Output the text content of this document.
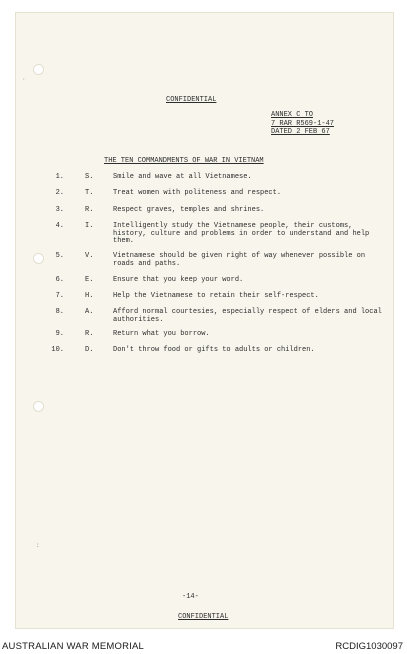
·
:
CONFIDENTIAL
ANNEX C TO
7 RAR R569-1-47
DATED 2 FEB 67
THE TEN COMMANDMENTS OF WAR IN VIETNAM
1.	S.	Smile and wave at all Vietnamese.
2.	T.	Treat women with politeness and respect.
3.	R.	Respect graves, temples and shrines.
4.	I.	Intelligently study the Vietnamese people, their customs, history, culture and problems in order to understand and help them.
5.	V.	Vietnamese should be given right of way whenever possible on roads and paths.
6.	E.	Ensure that you keep your word.
7.	H.	Help the Vietnamese to retain their self-respect.
8.	A.	Afford normal courtesies, especially respect of elders and local authorities.
9.	R.	Return what you borrow.
10.	D.	Don't throw food or gifts to adults or children.
-14-
CONFIDENTIAL
AUSTRALIAN WAR MEMORIAL	RCDIG1030097
